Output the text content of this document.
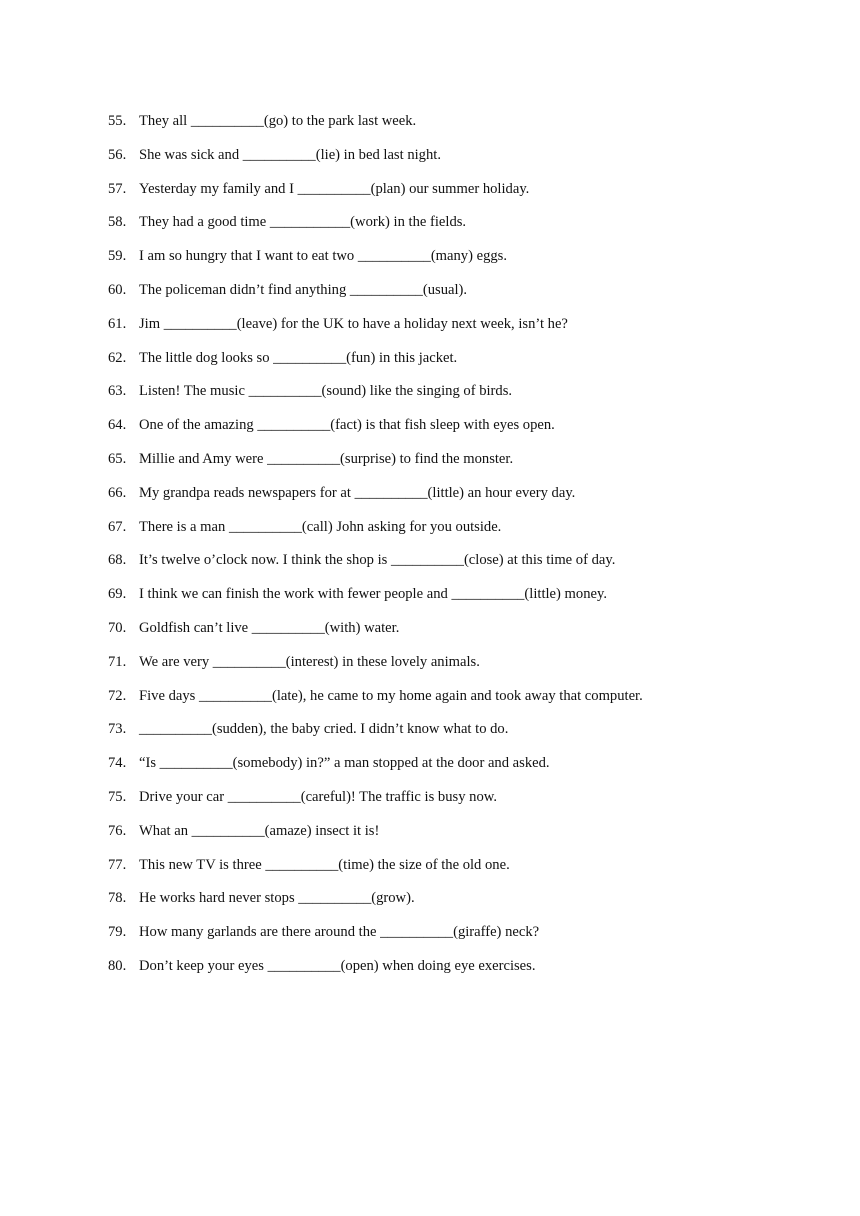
55. They all __________(go) to the park last week.
56. She was sick and __________(lie) in bed last night.
57. Yesterday my family and I __________(plan) our summer holiday.
58. They had a good time ___________(work) in the fields.
59. I am so hungry that I want to eat two __________(many) eggs.
60. The policeman didn’t find anything __________(usual).
61. Jim __________(leave) for the UK to have a holiday next week, isn’t he?
62. The little dog looks so __________(fun) in this jacket.
63. Listen! The music __________(sound) like the singing of birds.
64. One of the amazing __________(fact) is that fish sleep with eyes open.
65. Millie and Amy were __________(surprise) to find the monster.
66. My grandpa reads newspapers for at __________(little) an hour every day.
67. There is a man __________(call) John asking for you outside.
68. It’s twelve o’clock now. I think the shop is __________(close) at this time of day.
69. I think we can finish the work with fewer people and __________(little) money.
70. Goldfish can’t live __________(with) water.
71. We are very __________(interest) in these lovely animals.
72. Five days __________(late), he came to my home again and took away that computer.
73. __________(sudden), the baby cried. I didn’t know what to do.
74. “Is __________(somebody) in?” a man stopped at the door and asked.
75. Drive your car __________(careful)! The traffic is busy now.
76. What an __________(amaze) insect it is!
77. This new TV is three __________(time) the size of the old one.
78. He works hard never stops __________(grow).
79. How many garlands are there around the __________(giraffe) neck?
80. Don’t keep your eyes __________(open) when doing eye exercises.
